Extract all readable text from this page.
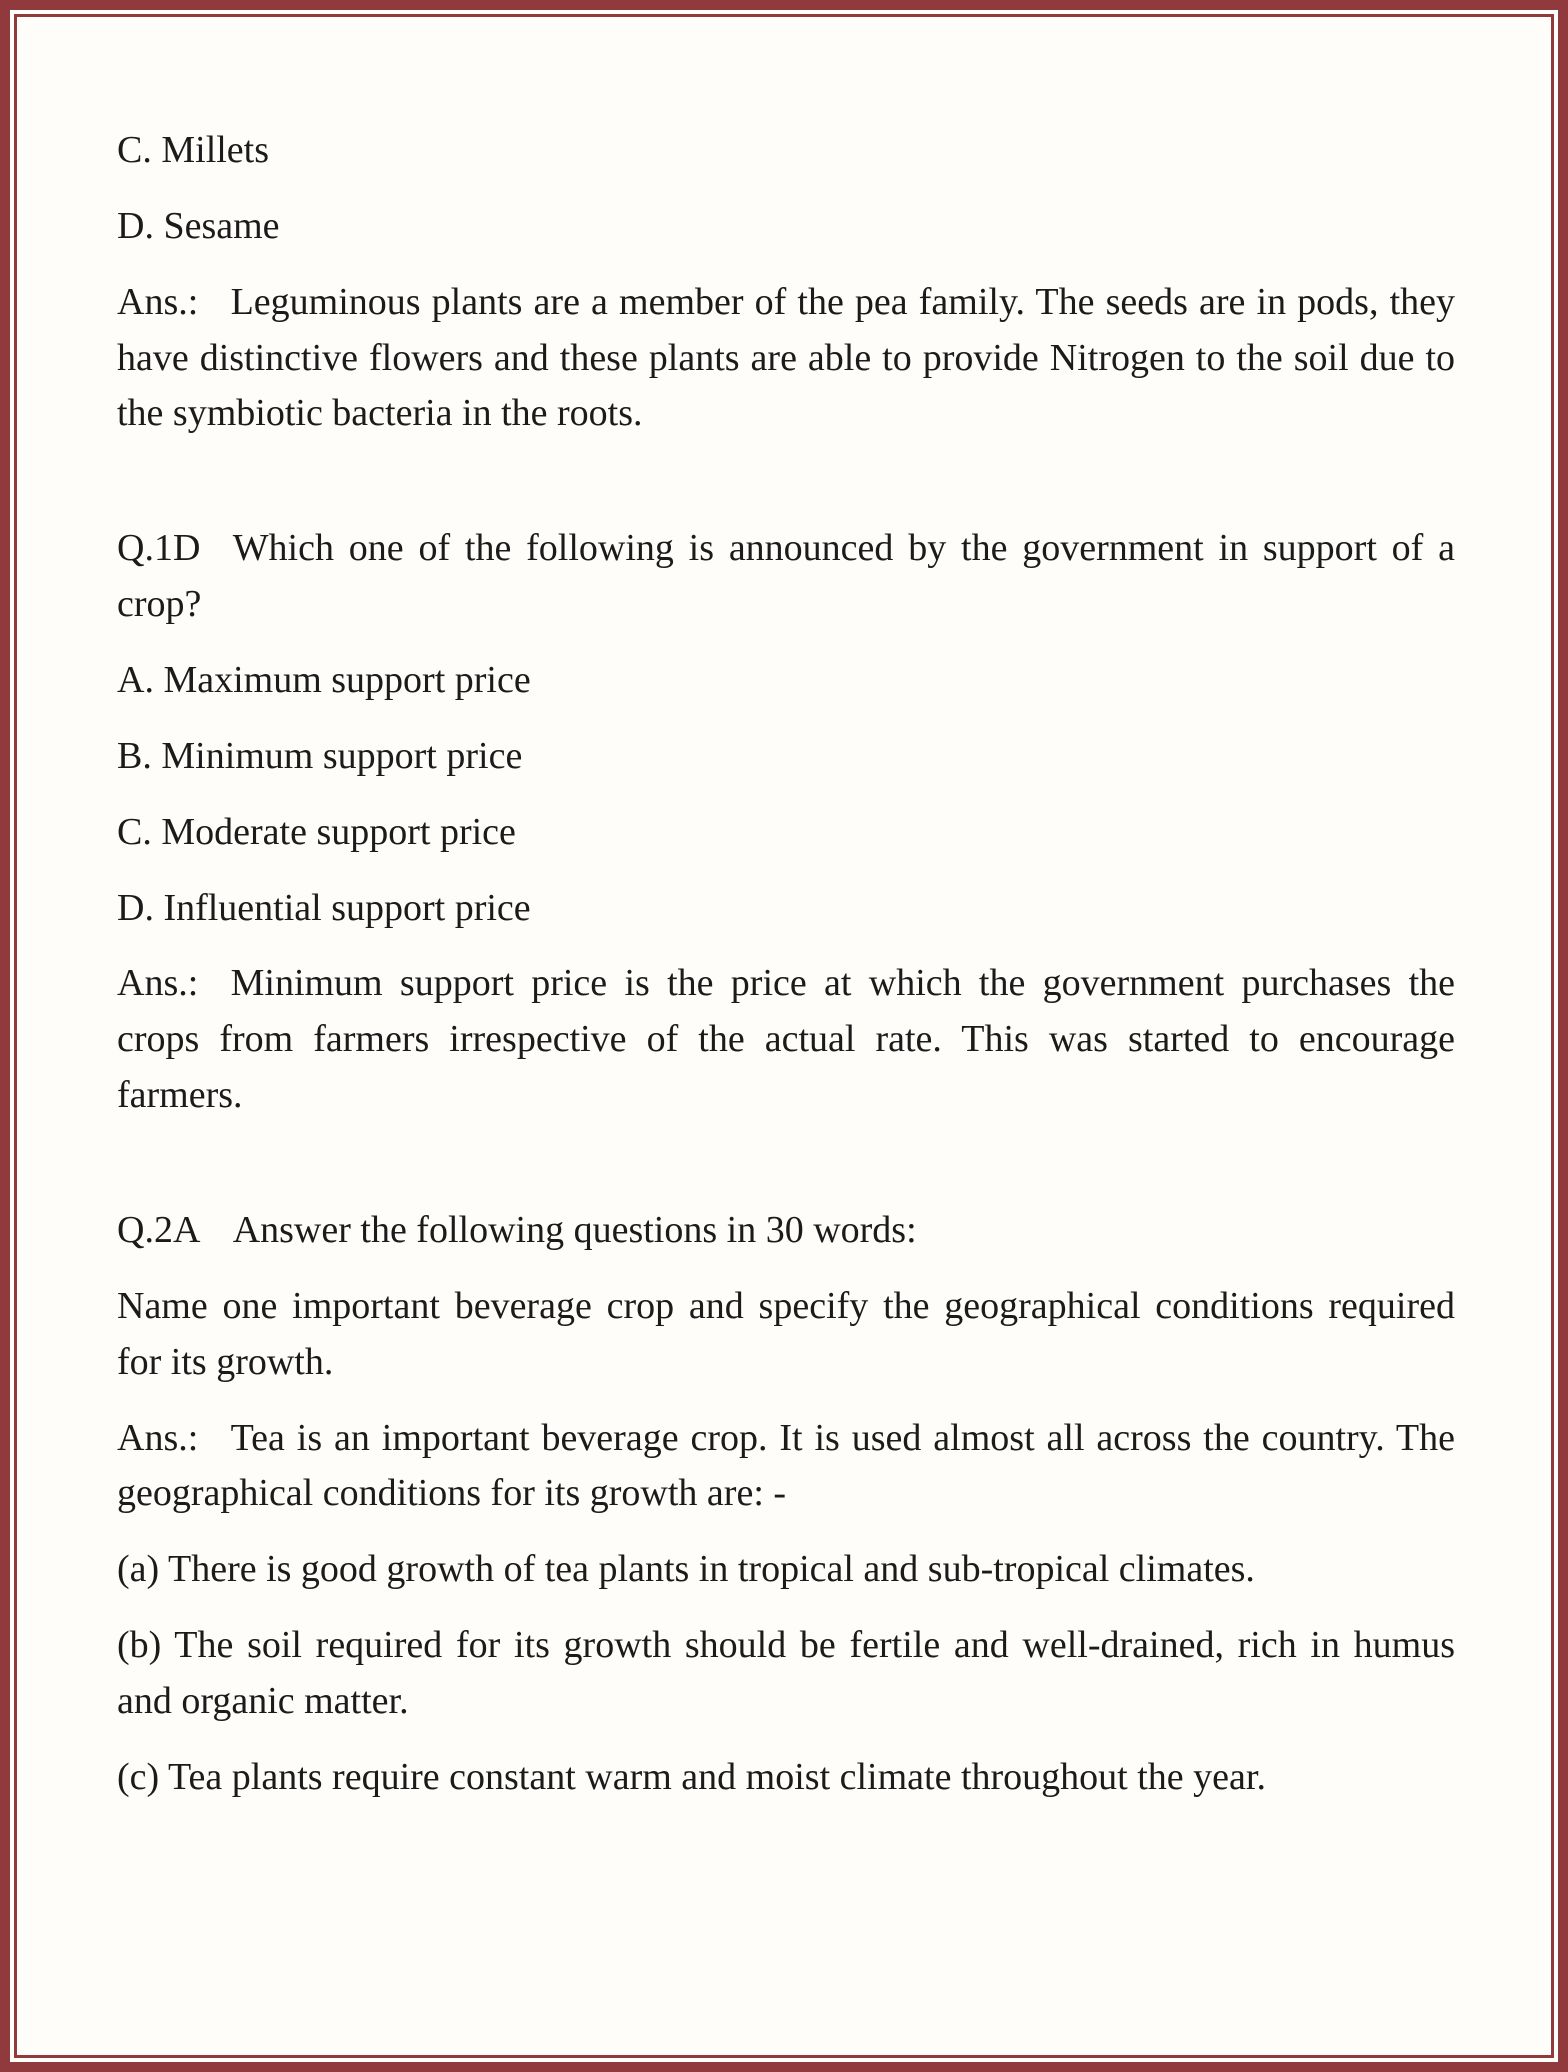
C. Millets

D. Sesame

Ans.: Leguminous plants are a member of the pea family. The seeds are in pods, they have distinctive flowers and these plants are able to provide Nitrogen to the soil due to the symbiotic bacteria in the roots.

Q.1D Which one of the following is announced by the government in support of a crop?

A. Maximum support price

B. Minimum support price

C. Moderate support price

D. Influential support price

Ans.: Minimum support price is the price at which the government purchases the crops from farmers irrespective of the actual rate. This was started to encourage farmers.

Q.2A Answer the following questions in 30 words:

Name one important beverage crop and specify the geographical conditions required for its growth.

Ans.: Tea is an important beverage crop. It is used almost all across the country. The geographical conditions for its growth are: -

(a) There is good growth of tea plants in tropical and sub-tropical climates.

(b) The soil required for its growth should be fertile and well-drained, rich in humus and organic matter.

(c) Tea plants require constant warm and moist climate throughout the year.
